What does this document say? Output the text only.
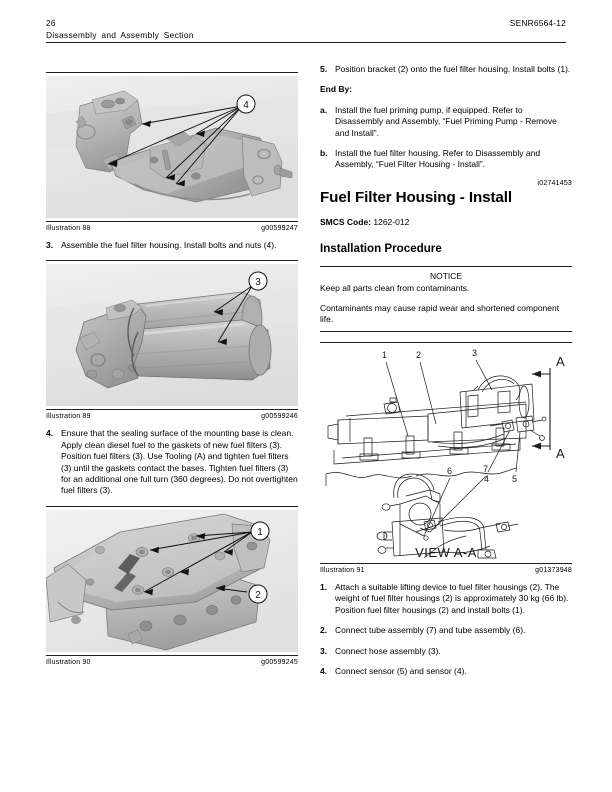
26	SENR6564-12
Disassembly and Assembly Section
4
Illustration 88	g00599247
3. Assemble the fuel filter housing. Install bolts and nuts (4).
3
Illustration 89	g00599246
4. Ensure that the sealing surface of the mounting base is clean. Apply clean diesel fuel to the gaskets of new fuel filters (3). Position fuel filters (3). Use Tooling (A) and tighten fuel filters (3) until the gaskets contact the bases. Tighten fuel filters (3) for an additional one full turn (360 degrees). Do not overtighten fuel filters (3).
1
2
Illustration 90	g00599245
5. Position bracket (2) onto the fuel filter housing. Install bolts (1).
End By:
a. Install the fuel priming pump, if equipped. Refer to Disassembly and Assembly, “Fuel Priming Pump - Remove and Install”.
b. Install the fuel filter housing. Refer to Disassembly and Assembly, “Fuel Filter Housing - Install”.
i02741453
Fuel Filter Housing - Install
SMCS Code: 1262-012
Installation Procedure
NOTICE
Keep all parts clean from contaminants.
Contaminants may cause rapid wear and shortened component life.
A
A
1	2	3
4	5
6	7
VIEW A-A
Illustration 91	g01373948
1. Attach a suitable lifting device to fuel filter housings (2). The weight of fuel filter housings (2) is approximately 30 kg (66 lb). Position fuel filter housings (2) and install bolts (1).
2. Connect tube assembly (7) and tube assembly (6).
3. Connect hose assembly (3).
4. Connect sensor (5) and sensor (4).
